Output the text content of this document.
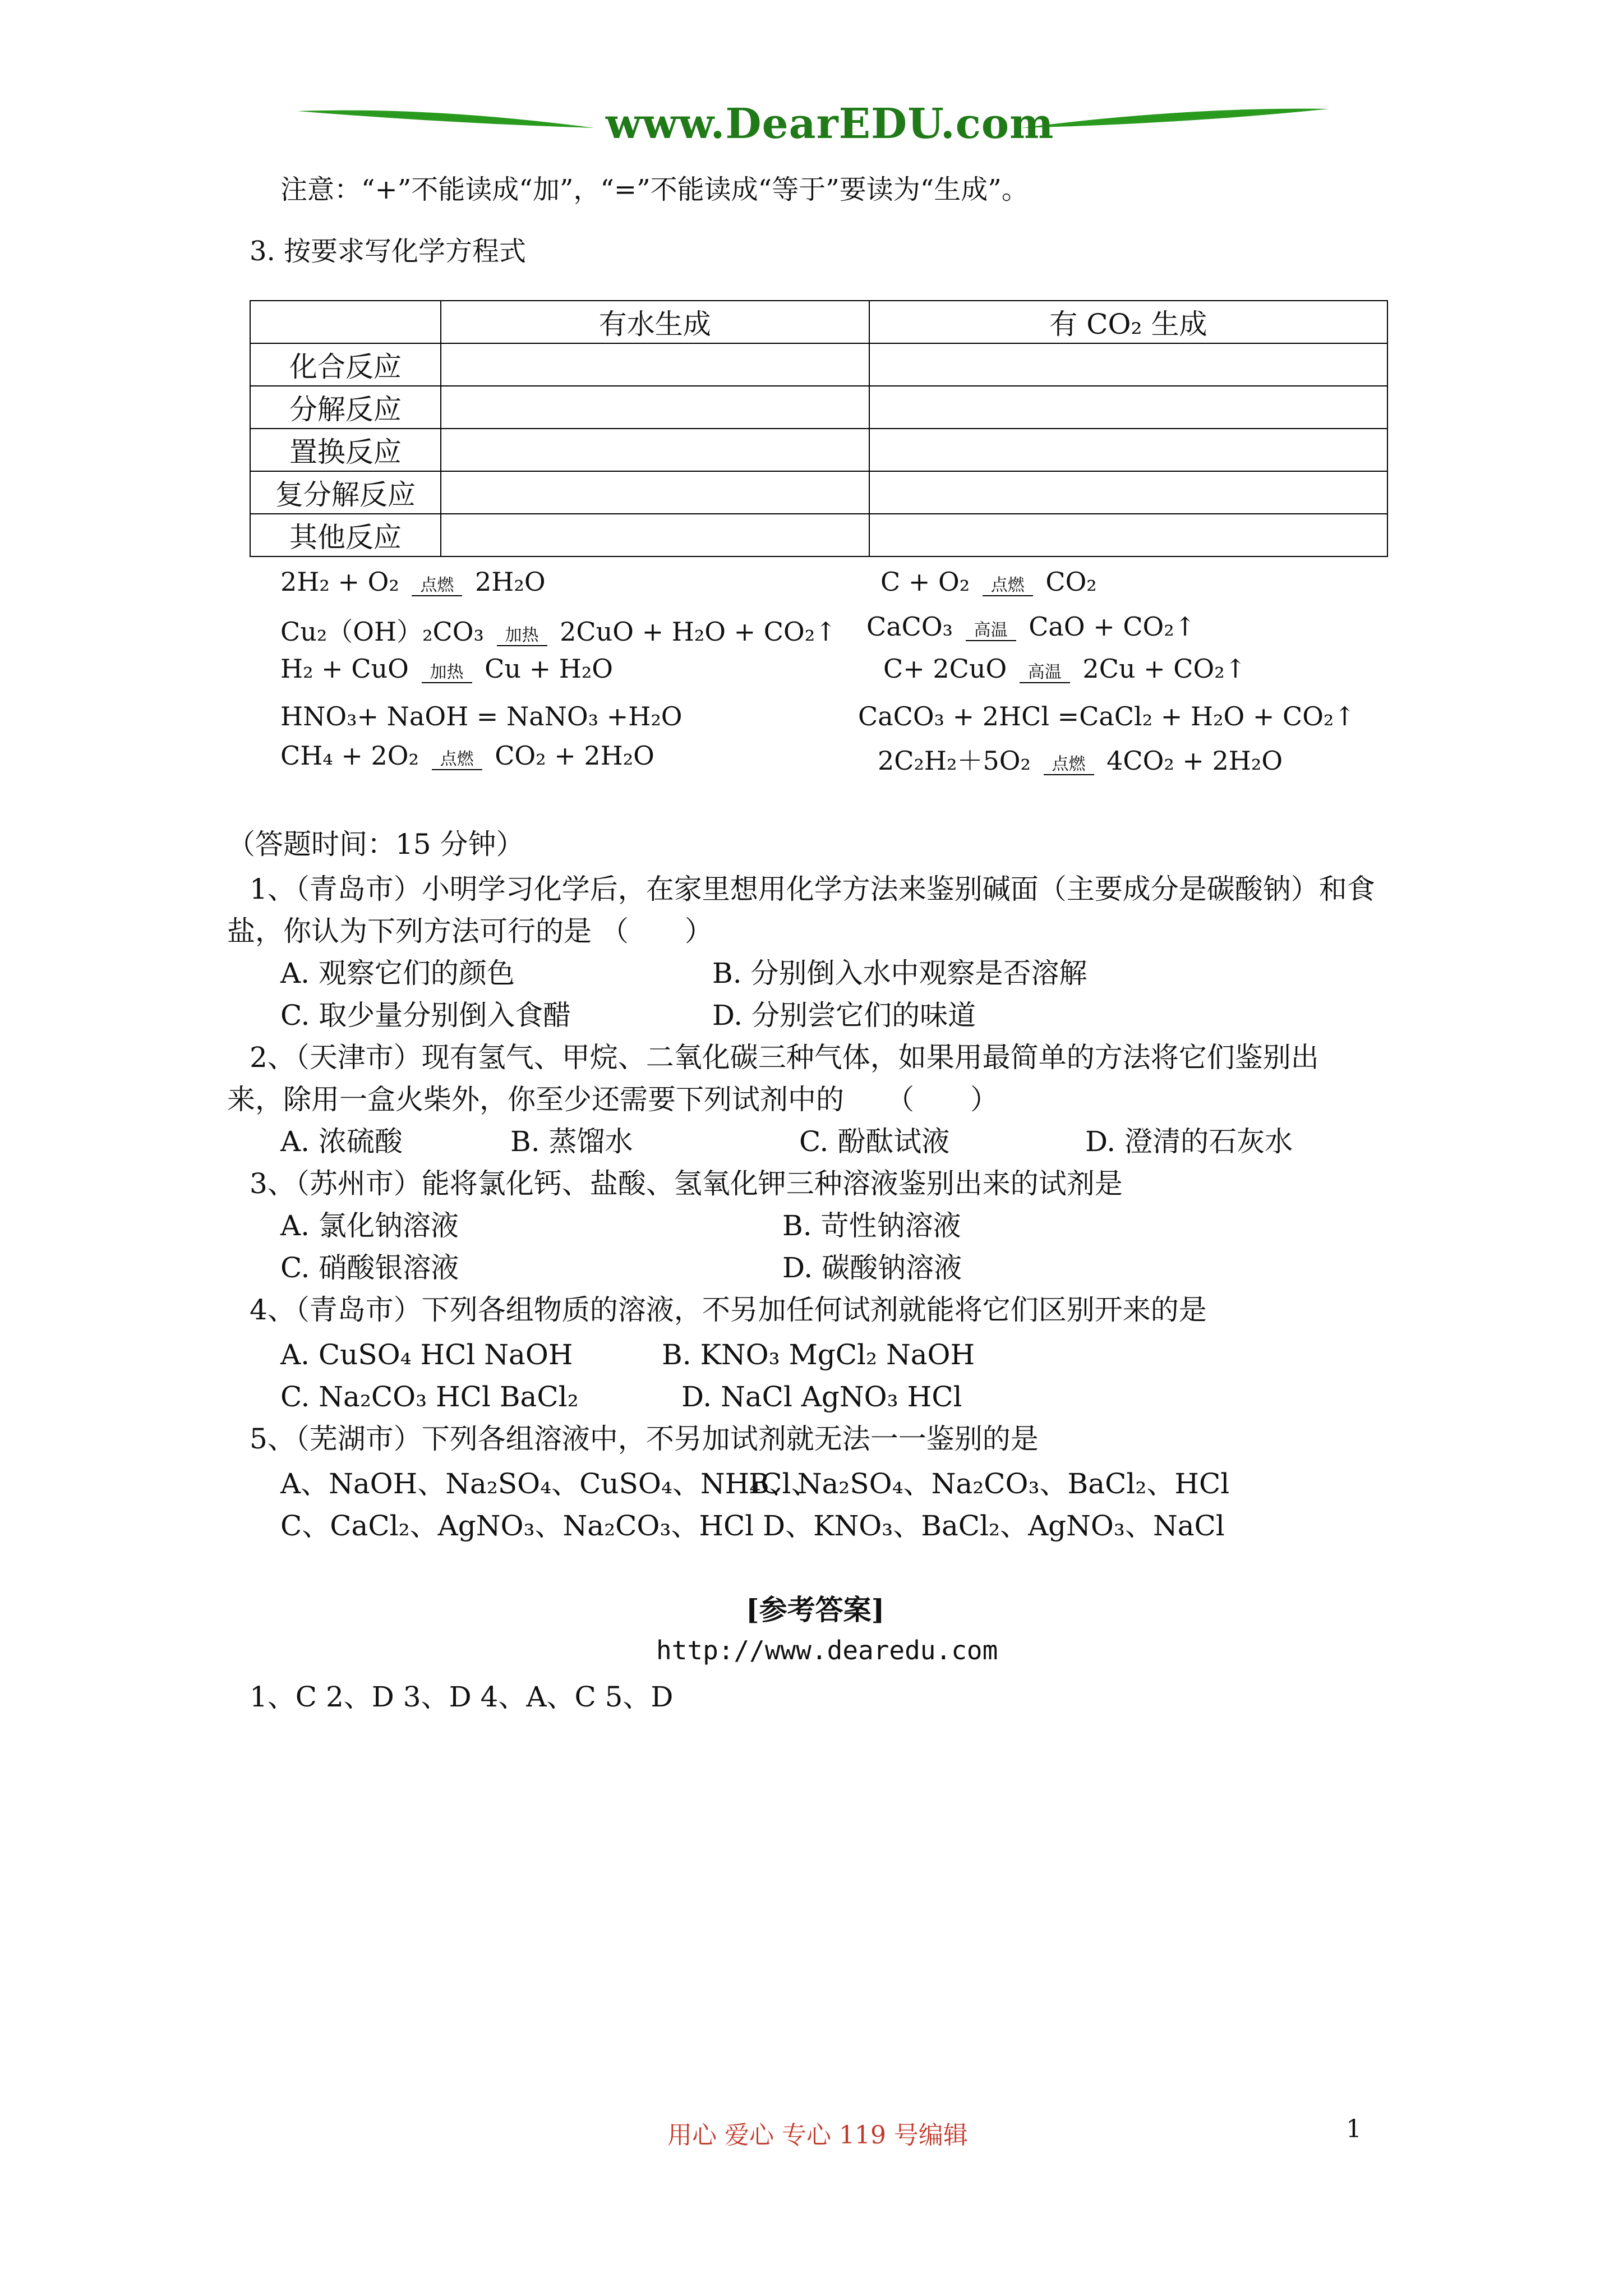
www.DearEDU.com
注意：“+”不能读成“加”，“=”不能读成“等于”要读为“生成”。
3. 按要求写化学方程式
	有水生成	有 CO₂ 生成
化合反应		
分解反应		
置换反应		
复分解反应		
其他反应		
2H₂ + O₂	点燃 2H₂O
Cu₂（OH）₂CO₃	加热 2CuO + H₂O + CO₂↑
H₂ + CuO	加热 Cu + H₂O
HNO₃+ NaOH = NaNO₃ +H₂O
CH₄ + 2O₂	点燃 CO₂ + 2H₂O
C + O₂	点燃 CO₂
CaCO₃	高温 CaO + CO₂↑
C+ 2CuO	高温 2Cu + CO₂↑
CaCO₃ + 2HCl =CaCl₂ + H₂O + CO₂↑
2C₂H₂＋5O₂	点燃 4CO₂ + 2H₂O
（答题时间：15 分钟）
1、（青岛市）小明学习化学后，在家里想用化学方法来鉴别碱面（主要成分是碳酸钠）和食
盐，你认为下列方法可行的是 （　　）
A. 观察它们的颜色	B. 分别倒入水中观察是否溶解
C. 取少量分别倒入食醋	D. 分别尝它们的味道
2、（天津市）现有氢气、甲烷、二氧化碳三种气体，如果用最简单的方法将它们鉴别出
来，除用一盒火柴外，你至少还需要下列试剂中的　　（　　）
A. 浓硫酸	B. 蒸馏水	C. 酚酞试液	D. 澄清的石灰水
3、（苏州市）能将氯化钙、盐酸、氢氧化钾三种溶液鉴别出来的试剂是
A. 氯化钠溶液	B. 苛性钠溶液
C. 硝酸银溶液	D. 碳酸钠溶液
4、（青岛市）下列各组物质的溶液，不另加任何试剂就能将它们区别开来的是
A. CuSO₄ HCl NaOH	B. KNO₃ MgCl₂ NaOH
C. Na₂CO₃ HCl BaCl₂	D. NaCl AgNO₃ HCl
5、（芜湖市）下列各组溶液中，不另加试剂就无法一一鉴别的是
A、NaOH、Na₂SO₄、CuSO₄、NH₄Cl、
B、Na₂SO₄、Na₂CO₃、BaCl₂、HCl
C、CaCl₂、AgNO₃、Na₂CO₃、HCl D、KNO₃、BaCl₂、AgNO₃、NaCl
[参考答案]
http://www.dearedu.com
1、C 2、D 3、D 4、A、C 5、D
用心 爱心 专心 119 号编辑	1
